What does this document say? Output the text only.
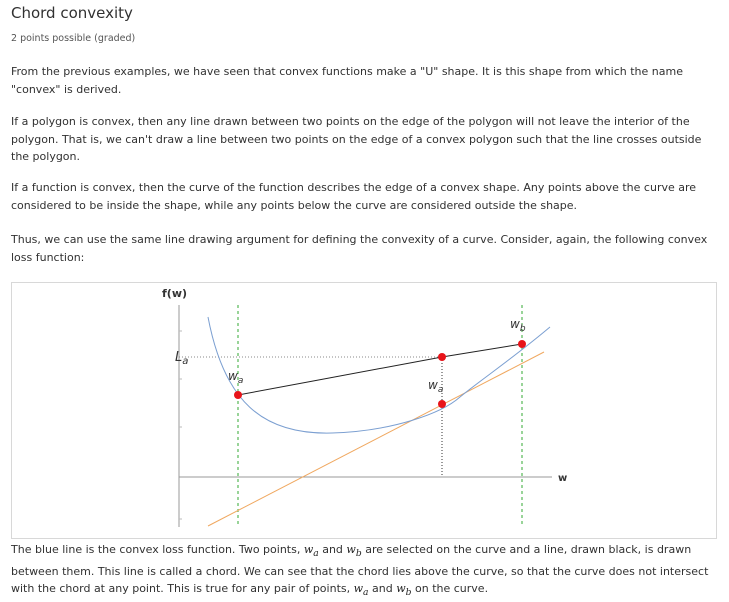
Chord convexity
2 points possible (graded)
From the previous examples, we have seen that convex functions make a "U" shape. It is this shape from which the name "convex" is derived.
If a polygon is convex, then any line drawn between two points on the edge of the polygon will not leave the interior of the polygon. That is, we can't draw a line between two points on the edge of a convex polygon such that the line crosses outside the polygon.
If a function is convex, then the curve of the function describes the edge of a convex shape. Any points above the curve are considered to be inside the shape, while any points below the curve are considered outside the shape.
Thus, we can use the same line drawing argument for defining the convexity of a curve. Consider, again, the following convex loss function:
f(w)
w
$L_a$
$w_a$	$w_a$
$w_b$
The blue line is the convex loss function. Two points, $w_a$ and $w_b$ are selected on the curve and a line, drawn black, is drawn between them. This line is called a chord. We can see that the chord lies above the curve, so that the curve does not intersect with the chord at any point. This is true for any pair of points, $w_a$ and $w_b$ on the curve.
